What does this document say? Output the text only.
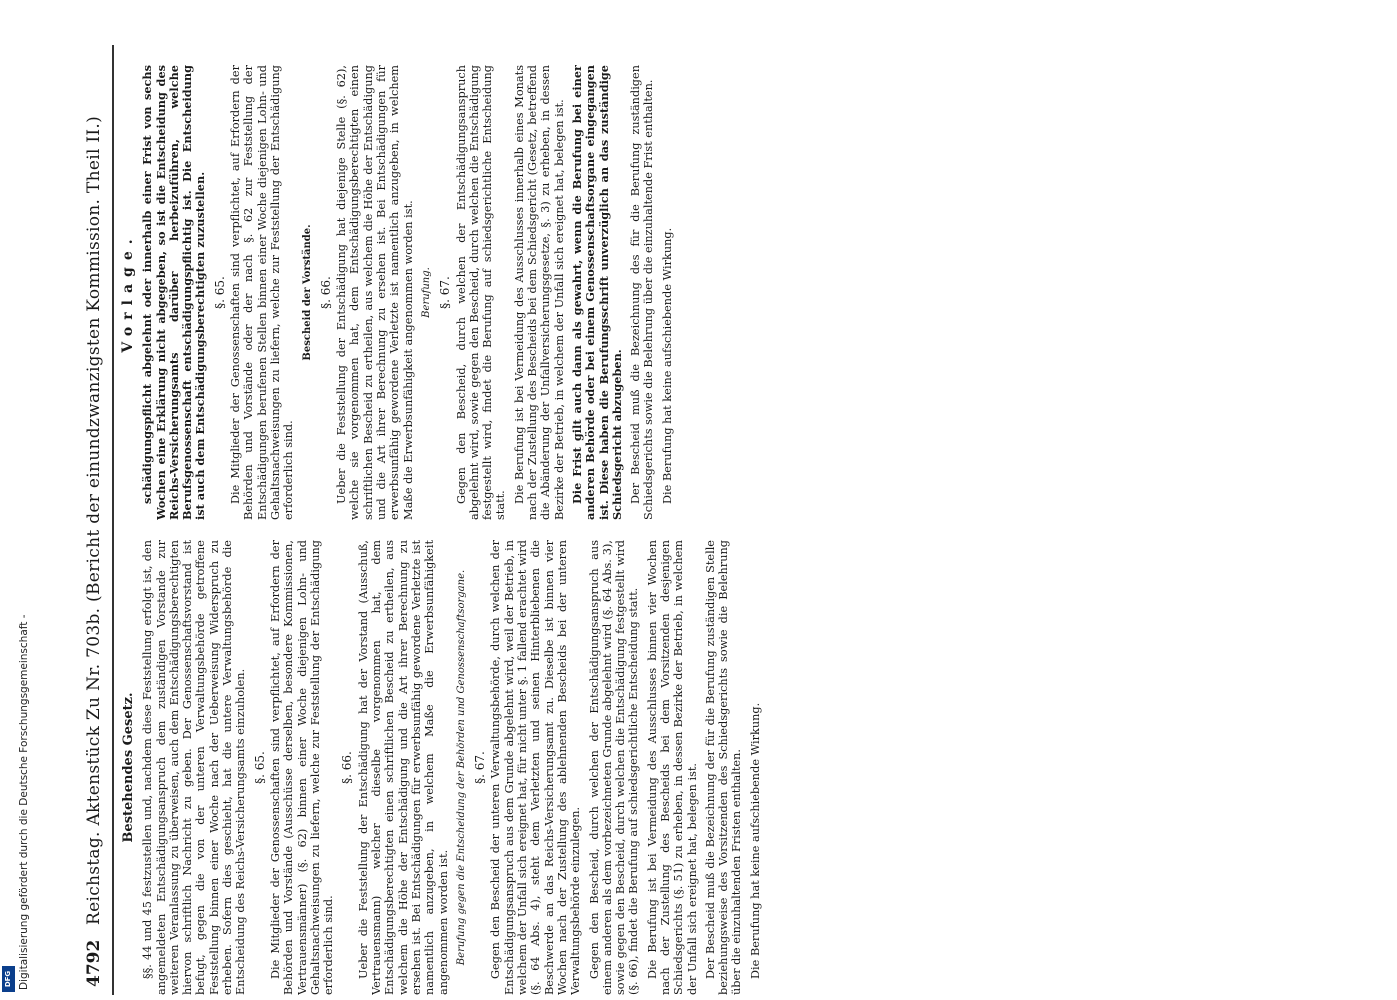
4792
Reichstag. Aktenstück Zu Nr. 703b. (Bericht der einundzwanzigsten Kommission. Theil II.) Bestehendes Gesetz. §§. 44 und 45 festzustellen und, nachdem diese Feststellung erfolgt ist, den angemeldeten Entschädigungsanspruch dem zuständigen Vorstande zur weiteren Veranlassung zu überweisen, auch dem Entschädigungsberechtigten hiervon schriftlich Nachricht zu geben. Der Genossenschaftsvorstand ist befugt, gegen die von der unteren Verwaltungsbehörde getroffene Feststellung binnen einer Woche nach der Ueberweisung Widerspruch zu erheben. Sofern dies geschieht, hat die untere Verwaltungsbehörde die Entscheidung des Reichs-Versicherungsamts einzuholen. §. 65. Die Mitglieder der Genossenschaften sind verpflichtet, auf Erfordern der Behörden und Vorstände (Ausschüsse derselben, besondere Kommissionen, Vertrauensmänner) (§. 62) binnen einer Woche diejenigen Lohn- und Gehaltsnachweisungen zu liefern, welche zur Feststellung der Entschädigung erforderlich sind.

§. 66. Ueber die Feststellung der Entschädigung hat der Vorstand (Ausschuß, Vertrauensmann) welcher dieselbe vorgenommen hat, dem Entschädigungsberechtigten einen schriftlichen Bescheid zu ertheilen, aus welchem die Höhe der Entschädigung und die Art ihrer Berechnung zu ersehen ist. Bei Entschädigungen für erwerbsunfähig gewordene Verletzte ist namentlich anzugeben, in welchem Maße die Erwerbsunfähigkeit angenommen worden ist. Berufung gegen die Entscheidung der Behörden und Genossenschaftsorgane. §. 67. Gegen den Bescheid der unteren Verwaltungsbehörde, durch welchen der Entschädigungsanspruch aus dem Grunde abgelehnt wird, weil der Betrieb, in welchem der Unfall sich ereignet hat, für nicht unter §. 1 fallend erachtet wird (§. 64 Abs. 4), steht dem Verletzten und seinen Hinterbliebenen die Beschwerde an das Reichs-Versicherungsamt zu. Dieselbe ist binnen vier Wochen nach der Zustellung des ablehnenden Bescheids bei der unteren Verwaltungsbehörde einzulegen. Gegen den Bescheid, durch welchen der Entschädigungsanspruch aus einem anderen als dem vorbezeichneten Grunde abgelehnt wird (§. 64 Abs. 3), sowie gegen den Bescheid, durch welchen die Entschädigung festgestellt wird (§. 66), findet die Berufung auf schiedsgerichtliche Entscheidung statt. Die Berufung ist bei Vermeidung des Ausschlusses binnen vier Wochen nach der Zustellung des Bescheids bei dem Vorsitzenden desjenigen Schiedsgerichts (§. 51) zu erheben, in dessen Bezirke der Betrieb, in welchem der Unfall sich ereignet hat, belegen ist. Der Bescheid muß die Bezeichnung der für die Berufung zuständigen Stelle beziehungsweise des Vorsitzenden des Schiedsgerichts sowie die Belehrung über die einzuhaltenden Fristen enthalten. Die Berufung hat keine aufschiebende Wirkung.

Vorlage. schädigungspflicht abgelehnt oder innerhalb einer Frist von sechs Wochen eine Erklärung nicht abgegeben, so ist die Entscheidung des Reichs-Versicherungsamts darüber herbeizuführen, welche Berufsgenossenschaft entschädigungspflichtig ist. Die Entscheidung ist auch dem Entschädigungsberechtigten zuzustellen. §. 65. Die Mitglieder der Genossenschaften sind verpflichtet, auf Erfordern der Behörden und Vorstände oder der nach §. 62 zur Feststellung der Entschädigungen berufenen Stellen binnen einer Woche diejenigen Lohn- und Gehaltsnachweisungen zu liefern, welche zur Feststellung der Entschädigung erforderlich sind.

Bescheid der Vorstände. §. 66. Ueber die Feststellung der Entschädigung hat diejenige Stelle (§. 62), welche sie vorgenommen hat, dem Entschädigungsberechtigten einen schriftlichen Bescheid zu ertheilen, aus welchem die Höhe der Entschädigung und die Art ihrer Berechnung zu ersehen ist. Bei Entschädigungen für erwerbsunfähig gewordene Verletzte ist namentlich anzugeben, in welchem Maße die Erwerbsunfähigkeit angenommen worden ist. Berufung. §. 67. Gegen den Bescheid, durch welchen der Entschädigungsanspruch abgelehnt wird, sowie gegen den Bescheid, durch welchen die Entschädigung festgestellt wird, findet die Berufung auf schiedsgerichtliche Entscheidung statt.

Die Berufung ist bei Vermeidung des Ausschlusses innerhalb eines Monats nach der Zustellung des Bescheids bei dem Schiedsgericht (Gesetz, betreffend die Abänderung der Unfallversicherungsgesetze, §. 3) zu erheben, in dessen Bezirke der Betrieb, in welchem der Unfall sich ereignet hat, belegen ist. Die Frist gilt auch dann als gewahrt, wenn die Berufung bei einer anderen Behörde oder bei einem Genossenschaftsorgane eingegangen ist. Diese haben die Berufungsschrift unverzüglich an das zuständige Schiedsgericht abzugeben. Der Bescheid muß die Bezeichnung des für die Berufung zuständigen Schiedsgerichts sowie die Belehrung über die einzuhaltende Frist enthalten. Die Berufung hat keine aufschiebende Wirkung.

Digitalisierung gefördert durch die Deutsche Forschungsgemeinschaft -
DFG
